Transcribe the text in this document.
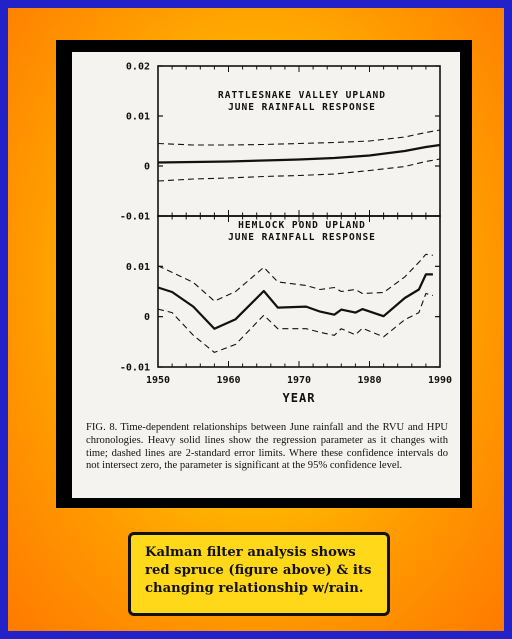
0.02
0.01
0
-0.01
RATTLESNAKE VALLEY UPLAND
JUNE RAINFALL RESPONSE
0.01
0
-0.01
HEMLOCK POND UPLAND
JUNE RAINFALL RESPONSE
1950	1960	1970	1980	1990
YEAR

FIG. 8. Time-dependent relationships between June rainfall and the RVU and HPU chronologies. Heavy solid lines show the regression parameter as it changes with time; dashed lines are 2-standard error limits. Where these confidence intervals do not intersect zero, the parameter is significant at the 95% confidence level.

Kalman filter analysis shows
red spruce (figure above) & its
changing relationship w/rain.
